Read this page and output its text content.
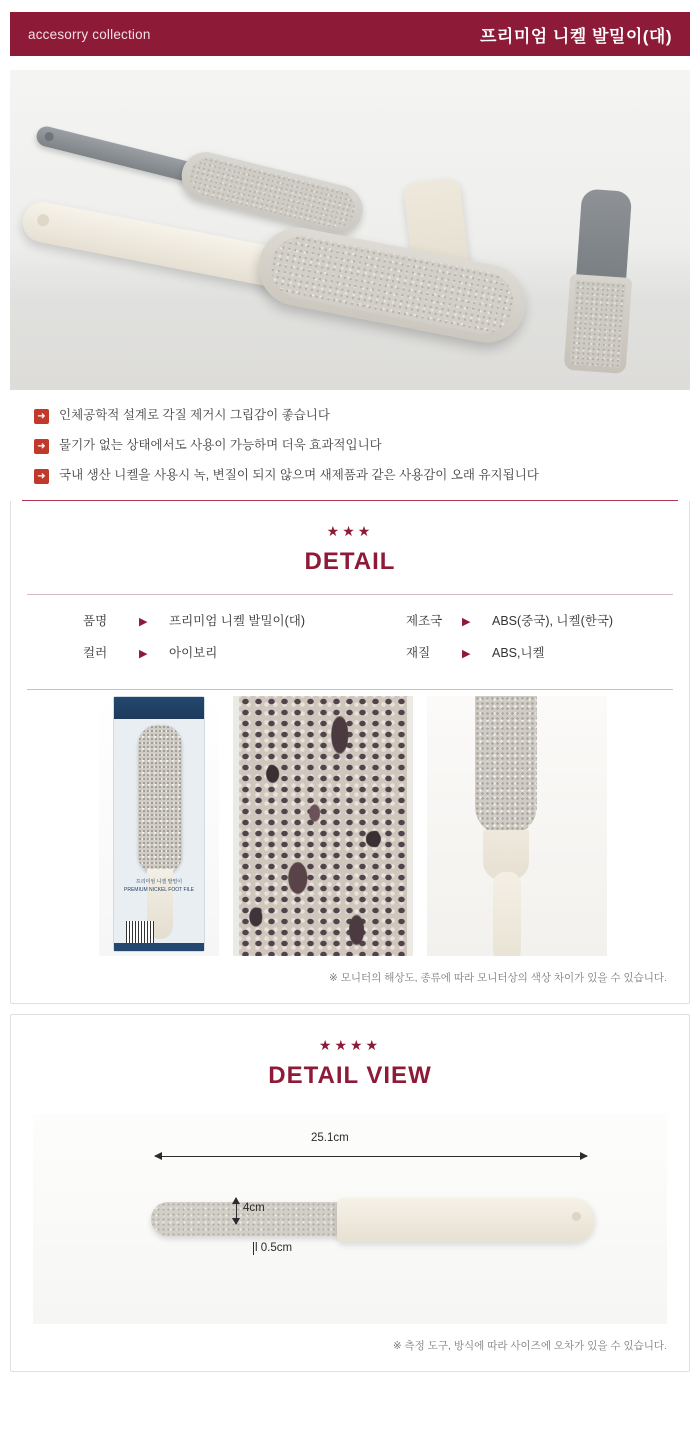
accesorry collection	프리미엄 니켈 발밀이(대)
➜ 인체공학적 설계로 각질 제거시 그립감이 좋습니다
➜ 물기가 없는 상태에서도 사용이 가능하며 더욱 효과적입니다
➜ 국내 생산 니켈을 사용시 녹, 변질이 되지 않으며 새제품과 같은 사용감이 오래 유지됩니다
★★★
DETAIL
품명	▶	프리미엄 니켈 발밀이(대)
컬러	▶	아이보리
제조국	▶	ABS(중국), 니켈(한국)
재질	▶	ABS,니켈
프리미엄 니켈 발밀이 PREMIUM NICKEL FOOT FILE
※ 모니터의 해상도, 종류에 따라 모니터상의 색상 차이가 있을 수 있습니다.
★★★★
DETAIL VIEW
25.1cm
4cm
l 0.5cm
※ 측정 도구, 방식에 따라 사이즈에 오차가 있을 수 있습니다.
